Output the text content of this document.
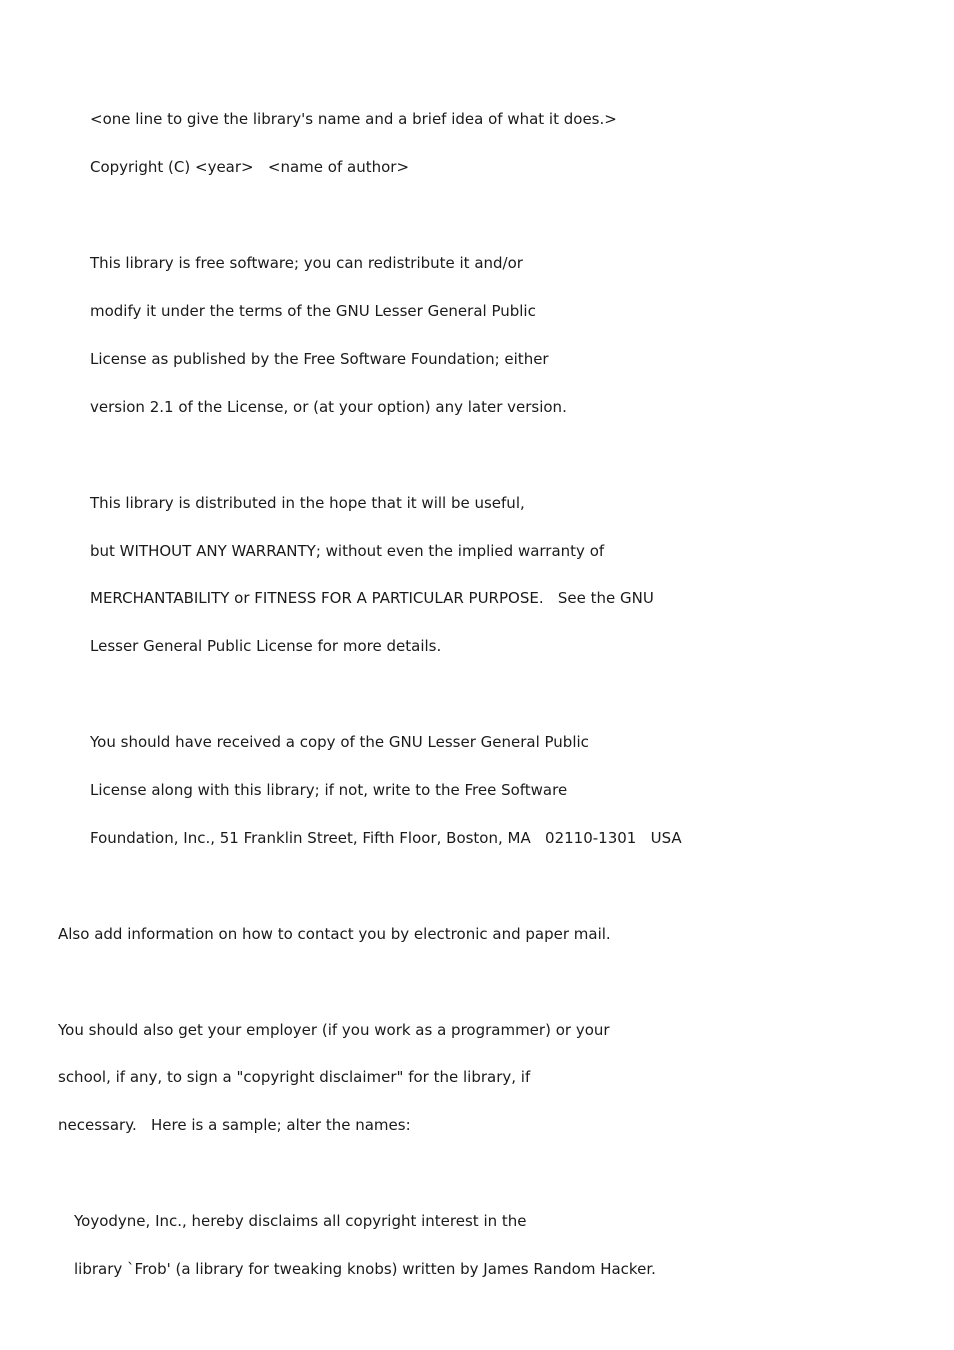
<one line to give the library's name and a brief idea of what it does.>
Copyright (C) <year>   <name of author>
This library is free software; you can redistribute it and/or
modify it under the terms of the GNU Lesser General Public
License as published by the Free Software Foundation; either
version 2.1 of the License, or (at your option) any later version.
This library is distributed in the hope that it will be useful,
but WITHOUT ANY WARRANTY; without even the implied warranty of
MERCHANTABILITY or FITNESS FOR A PARTICULAR PURPOSE.   See the GNU
Lesser General Public License for more details.
You should have received a copy of the GNU Lesser General Public
License along with this library; if not, write to the Free Software
Foundation, Inc., 51 Franklin Street, Fifth Floor, Boston, MA   02110-1301   USA
Also add information on how to contact you by electronic and paper mail.
You should also get your employer (if you work as a programmer) or your
school, if any, to sign a "copyright disclaimer" for the library, if
necessary.   Here is a sample; alter the names:
Yoyodyne, Inc., hereby disclaims all copyright interest in the
library `Frob' (a library for tweaking knobs) written by James Random Hacker.
